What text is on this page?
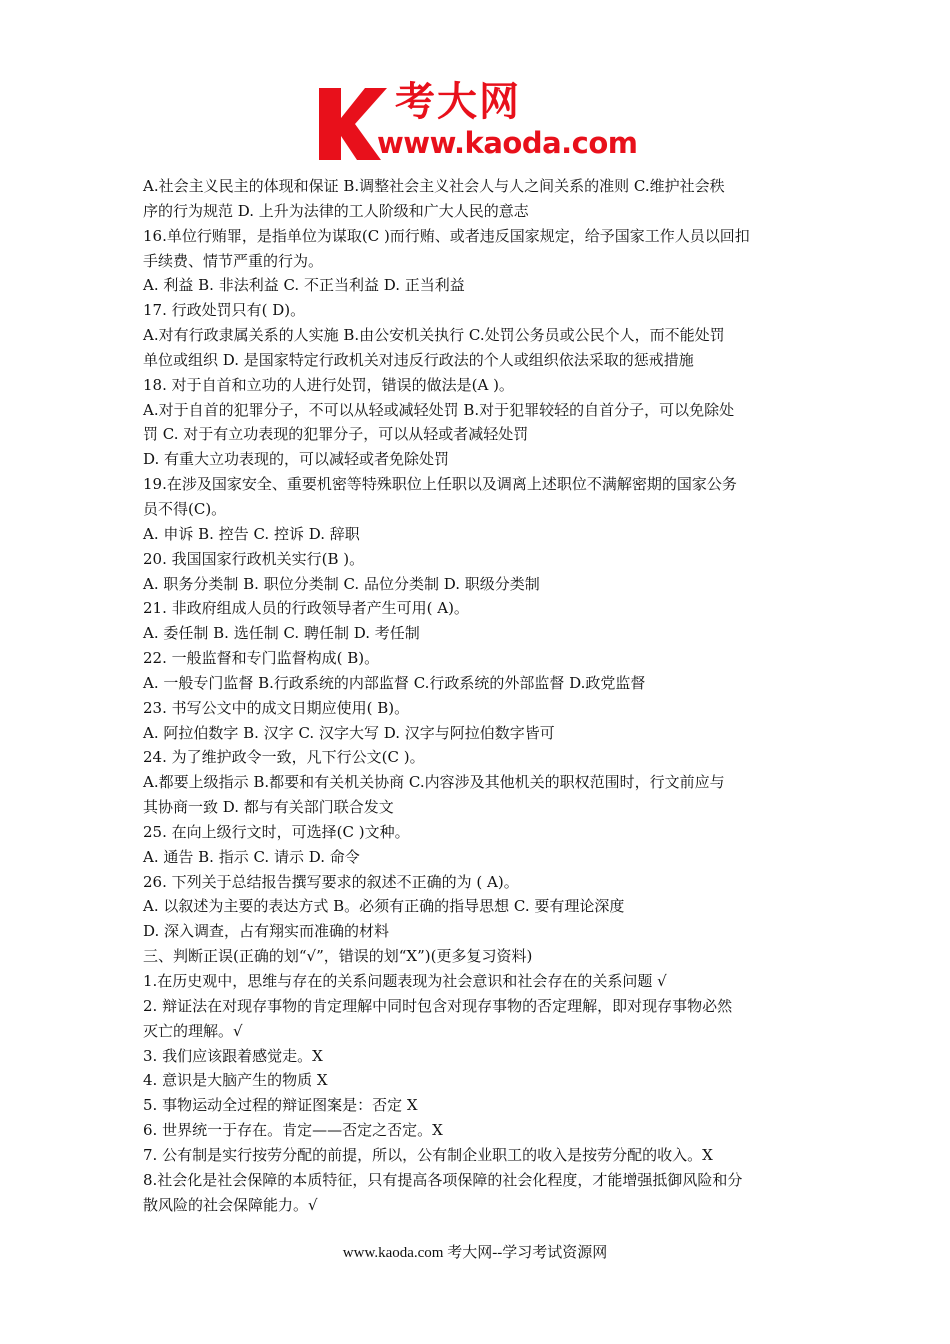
考大网
www.kaoda.com
A.社会主义民主的体现和保证 B.调整社会主义社会人与人之间关系的准则 C.维护社会秩
序的行为规范 D. 上升为法律的工人阶级和广大人民的意志
16.单位行贿罪，是指单位为谋取(C )而行贿、或者违反国家规定，给予国家工作人员以回扣
手续费、情节严重的行为。
A. 利益 B. 非法利益 C. 不正当利益 D. 正当利益
17. 行政处罚只有( D)。
A.对有行政隶属关系的人实施 B.由公安机关执行 C.处罚公务员或公民个人，而不能处罚
单位或组织 D. 是国家特定行政机关对违反行政法的个人或组织依法采取的惩戒措施
18. 对于自首和立功的人进行处罚，错误的做法是(A )。
A.对于自首的犯罪分子，不可以从轻或减轻处罚 B.对于犯罪较轻的自首分子，可以免除处
罚 C. 对于有立功表现的犯罪分子，可以从轻或者减轻处罚
D. 有重大立功表现的，可以减轻或者免除处罚
19.在涉及国家安全、重要机密等特殊职位上任职以及调离上述职位不满解密期的国家公务
员不得(C)。
A. 申诉 B. 控告 C. 控诉 D. 辞职
20. 我国国家行政机关实行(B )。
A. 职务分类制 B. 职位分类制 C. 品位分类制 D. 职级分类制
21. 非政府组成人员的行政领导者产生可用( A)。
A. 委任制 B. 选任制 C. 聘任制 D. 考任制
22. 一般监督和专门监督构成( B)。
A. 一般专门监督 B.行政系统的内部监督 C.行政系统的外部监督 D.政党监督
23. 书写公文中的成文日期应使用( B)。
A. 阿拉伯数字 B. 汉字 C. 汉字大写 D. 汉字与阿拉伯数字皆可
24. 为了维护政令一致，凡下行公文(C )。
A.都要上级指示 B.都要和有关机关协商 C.内容涉及其他机关的职权范围时，行文前应与
其协商一致 D. 都与有关部门联合发文
25. 在向上级行文时，可选择(C )文种。
A. 通告 B. 指示 C. 请示 D. 命令
26. 下列关于总结报告撰写要求的叙述不正确的为 ( A)。
A. 以叙述为主要的表达方式 B。必须有正确的指导思想 C. 要有理论深度
D. 深入调查，占有翔实而准确的材料
三、判断正误(正确的划“√”，错误的划“X”)(更多复习资料)
1.在历史观中，思维与存在的关系问题表现为社会意识和社会存在的关系问题 √
2. 辩证法在对现存事物的肯定理解中同时包含对现存事物的否定理解，即对现存事物必然
灭亡的理解。√
3. 我们应该跟着感觉走。X
4. 意识是大脑产生的物质 X
5. 事物运动全过程的辩证图案是：否定 X
6. 世界统一于存在。肯定——否定之否定。X
7. 公有制是实行按劳分配的前提，所以，公有制企业职工的收入是按劳分配的收入。X
8.社会化是社会保障的本质特征，只有提高各项保障的社会化程度，才能增强抵御风险和分
散风险的社会保障能力。√
www.kaoda.com 考大网--学习考试资源网
